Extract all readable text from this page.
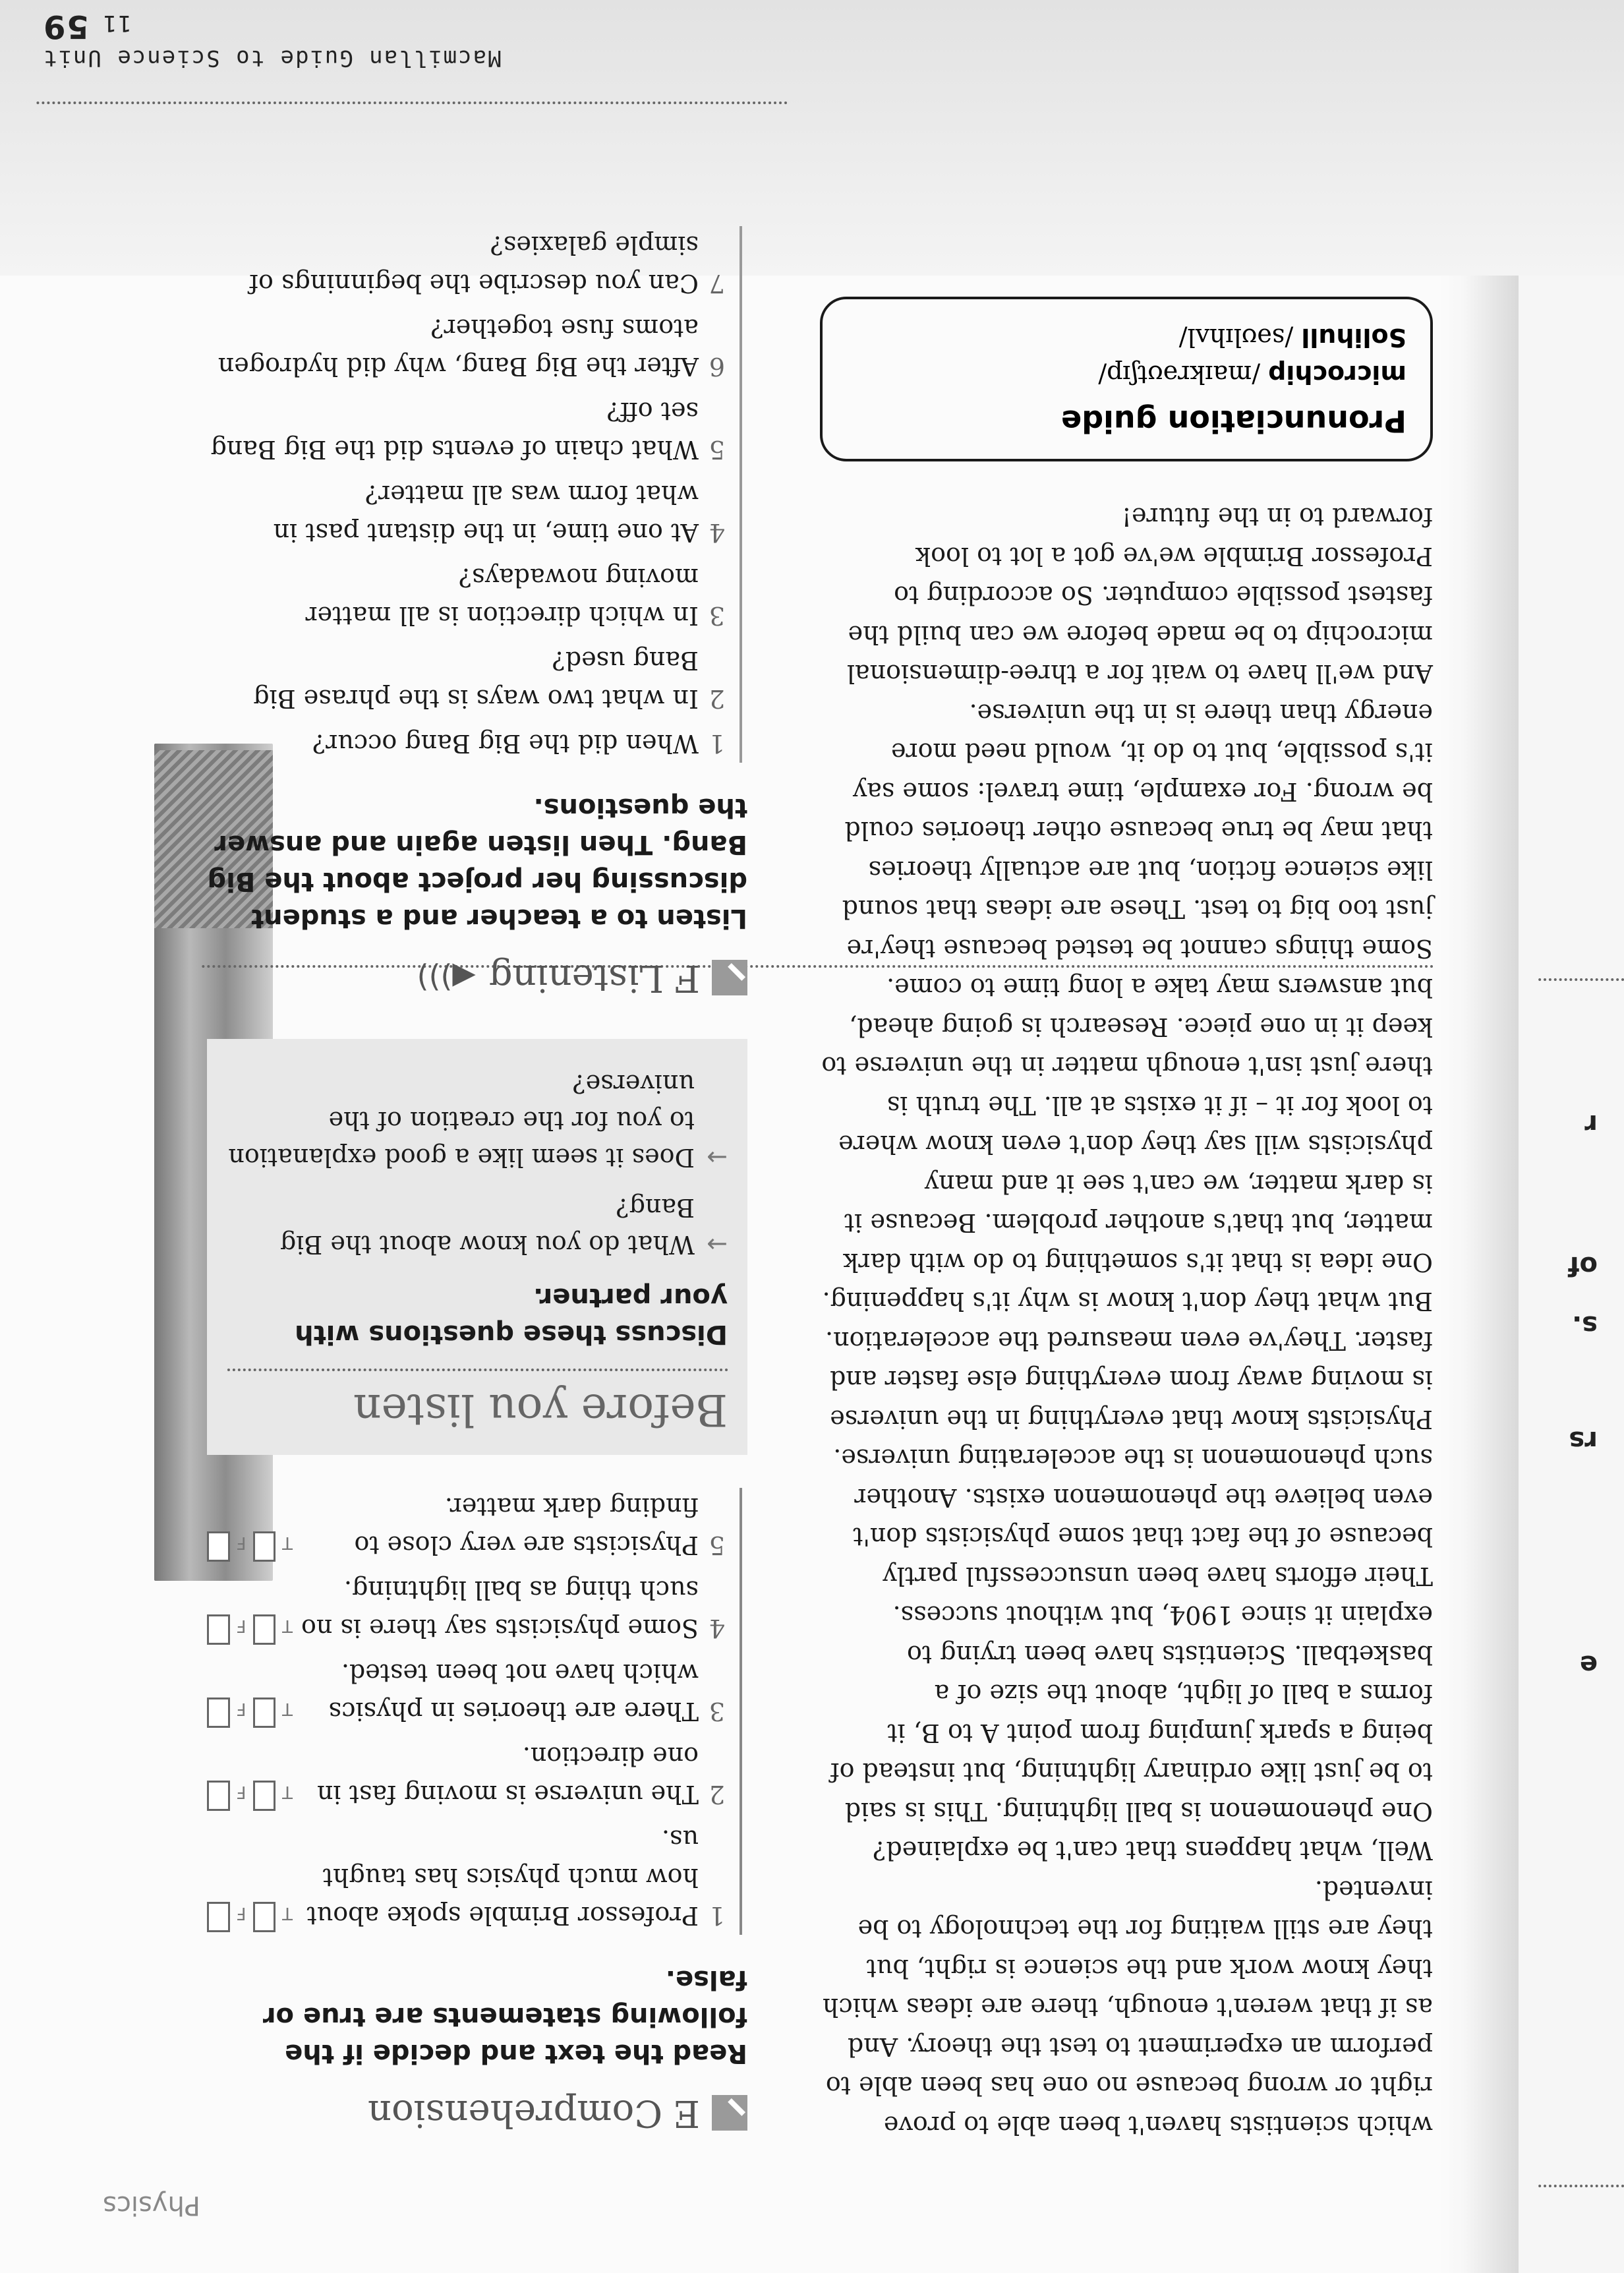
e
rs
s.
of
r
Physics
Macmillan Guide to Science Unit 1159

which scientists haven't been able to prove right or wrong because no one has been able to perform an experiment to test the theory. And as if that weren't enough, there are ideas which they know work and the science is right, but they are still waiting for the technology to be invented.

Well, what happens that can't be explained? One phenomenon is ball lightning. This is said to be just like ordinary lightning, but instead of being a spark jumping from point A to B, it forms a ball of light, about the size of a basketball. Scientists have been trying to explain it since 1904, but without success. Their efforts have been unsuccessful partly because of the fact that some physicists don't even believe the phenomenon exists. Another such phenomenon is the accelerating universe. Physicists know that everything in the universe is moving away from everything else faster and faster. They've even measured the acceleration. But what they don't know is why it's happening. One idea is that it's something to do with dark matter, but that's another problem. Because it is dark matter, we can't see it and many physicists will say they don't even know where to look for it – if it exists at all. The truth is there just isn't enough matter in the universe to keep it in one piece. Research is going ahead, but answers may take a long time to come.

Some things cannot be tested because they're just too big to test. These are ideas that sound like science fiction, but are actually theories that may be true because other theories could be wrong. For example, time travel: some say it's possible, but to do it, would need more energy than there is in the universe.

And we'll have to wait for a three-dimensional microchip to be made before we can build the fastest possible computer. So according to Professor Brimble we've got a lot to look forward to in the future!

Pronunciation guide
microchip /maɪkrəʊtʃɪp/
Solihull /səʊlɪhʌl/
E
Comprehension

Read the text and decide if the following statements are true or false.

1
Professor Brimble spoke about how much physics has taught us.
T
F
2
The universe is moving fast in one direction.
T
F
3
There are theories in physics which have not been tested.
T
F
4
Some physicists say there is no such thing as ball lightning.
T
F
5
Physicists are very close to finding dark matter.
T
F
Before you listen

Discuss these questions with your partner.

→
What do you know about the Big Bang?
→
Does it seem like a good explanation to you for the creation of the universe?
F
Listening
◀)))

Listen to a teacher and a student discussing her project about the Big Bang. Then listen again and answer the questions.

1
When did the Big Bang occur?
2
In what two ways is the phrase Big Bang used?
3
In which direction is all matter moving nowadays?
4
At one time, in the distant past in what form was all matter?
5
What chain of events did the Big Bang set off?
6
After the Big Bang, why did hydrogen atoms fuse together?
7
Can you describe the beginnings of simple galaxies?
